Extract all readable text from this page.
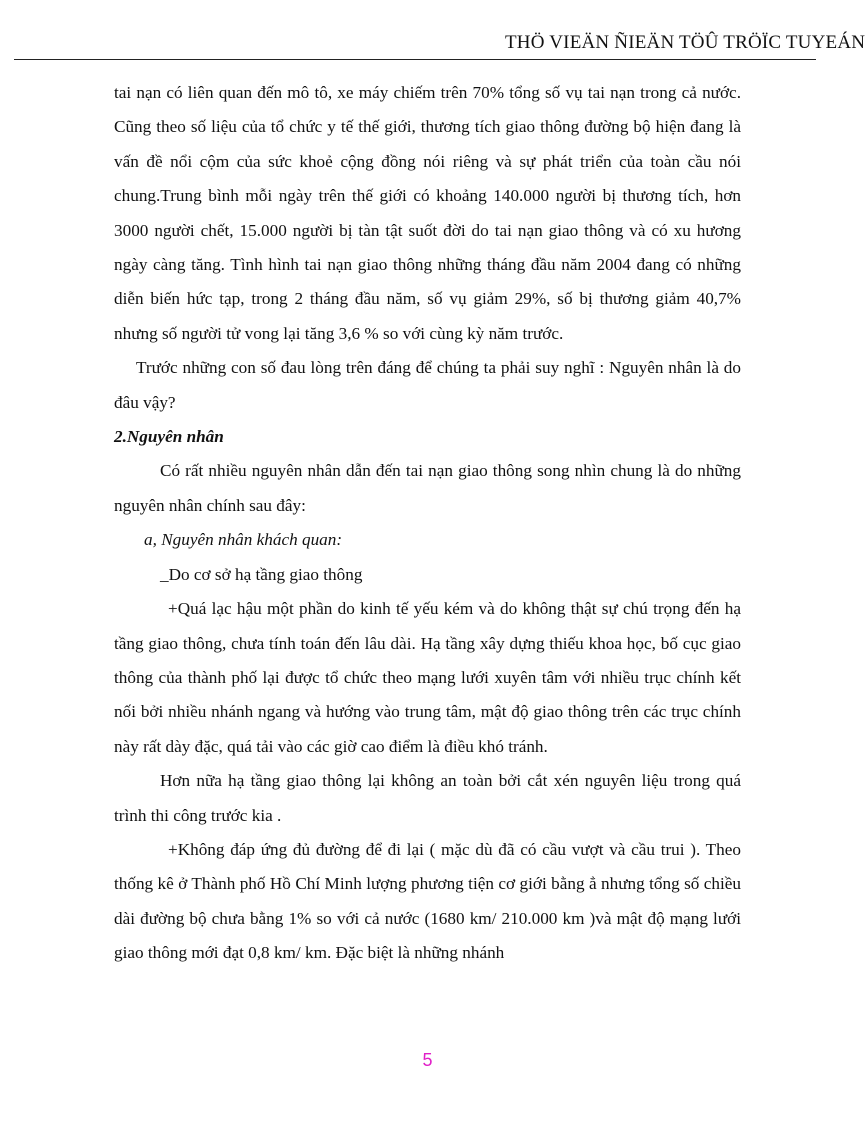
THÖ VIEÄN ÑIEÄN TÖÛ TRÖÏC TUYEÁN

tai nạn có liên quan đến mô tô, xe máy chiếm trên 70% tổng số vụ tai nạn trong cả nước. Cũng theo số liệu của tổ chức y tế thế giới, thương tích giao thông đường bộ hiện đang là vấn đề nổi cộm của sức khoẻ cộng đồng nói riêng và sự phát triển của toàn cầu nói chung.Trung bình mỗi ngày trên thế giới có khoảng 140.000 người bị thương tích, hơn 3000 người chết, 15.000 người bị tàn tật suốt đời do tai nạn giao thông và có xu hương ngày càng tăng. Tình hình tai nạn giao thông những tháng đầu năm 2004 đang có những diễn biến hức tạp, trong 2 tháng đầu năm, số vụ giảm 29%, số bị thương giảm 40,7% nhưng số người tử vong lại tăng 3,6 % so với cùng kỳ năm trước.

Trước những con số đau lòng trên đáng để chúng ta phải suy nghĩ : Nguyên nhân là do đâu vậy?

2.Nguyên nhân

Có rất nhiều nguyên nhân dẫn đến tai nạn giao thông song nhìn chung là do những nguyên nhân chính sau đây:

a, Nguyên nhân khách quan:

_Do cơ sở hạ tầng giao thông

+Quá lạc hậu một phần do kinh tế yếu kém và do không thật sự chú trọng đến hạ tầng giao thông, chưa tính toán đến lâu dài. Hạ tầng xây dựng thiếu khoa học, bố cục giao thông của thành phố lại được tổ chức theo mạng lưới xuyên tâm với nhiều trục chính kết nối bởi nhiều nhánh ngang và hướng vào trung tâm, mật độ giao thông trên các trục chính này rất dày đặc, quá tải vào các giờ cao điểm là điều khó tránh.

Hơn nữa hạ tầng giao thông lại không an toàn bởi cắt xén nguyên liệu trong quá trình thi công trước kia .

+Không đáp ứng đủ đường để đi lại ( mặc dù đã có cầu vượt và cầu trui ). Theo thống kê ở Thành phố Hồ Chí Minh lượng phương tiện cơ giới bằng ẳ nhưng tổng số chiều dài đường bộ chưa bằng 1% so với cả nước (1680 km/ 210.000 km )và mật độ mạng lưới giao thông mới đạt 0,8 km/ km. Đặc biệt là những nhánh

5
